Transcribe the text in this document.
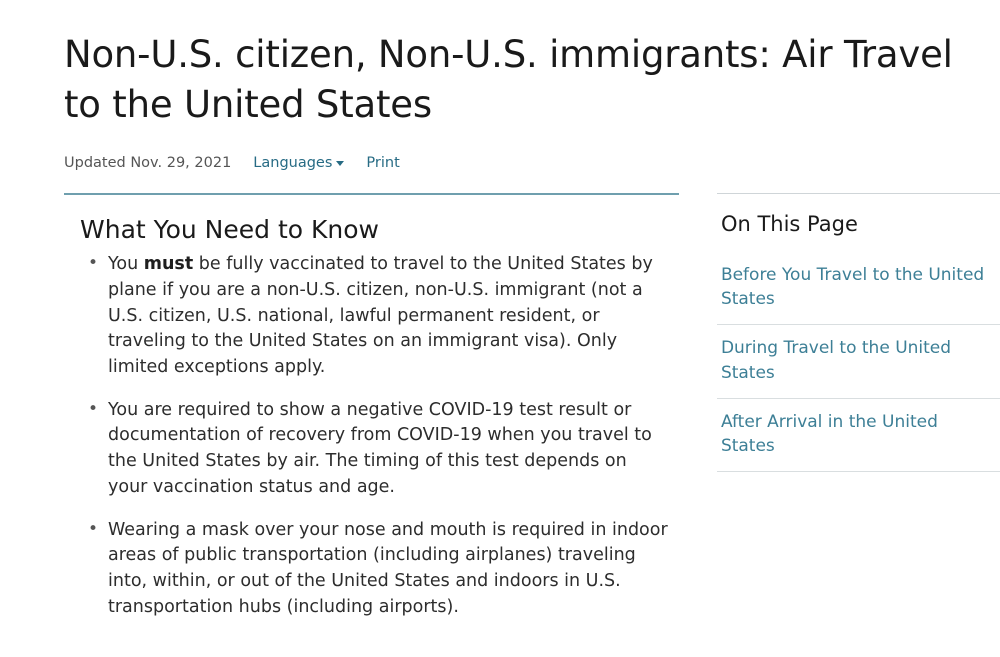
Non-U.S. citizen, Non-U.S. immigrants: Air Travel to the United States
Updated Nov. 29, 2021 Languages	Print
What You Need to Know
• You must be fully vaccinated to travel to the United States by plane if you are a non-U.S. citizen, non-U.S. immigrant (not a U.S. citizen, U.S. national, lawful permanent resident, or traveling to the United States on an immigrant visa). Only limited exceptions apply.
• You are required to show a negative COVID-19 test result or documentation of recovery from COVID-19 when you travel to the United States by air. The timing of this test depends on your vaccination status and age.
• Wearing a mask over your nose and mouth is required in indoor areas of public transportation (including airplanes) traveling into, within, or out of the United States and indoors in U.S. transportation hubs (including airports).
On This Page
Before You Travel to the United States
During Travel to the United States
After Arrival in the United States
